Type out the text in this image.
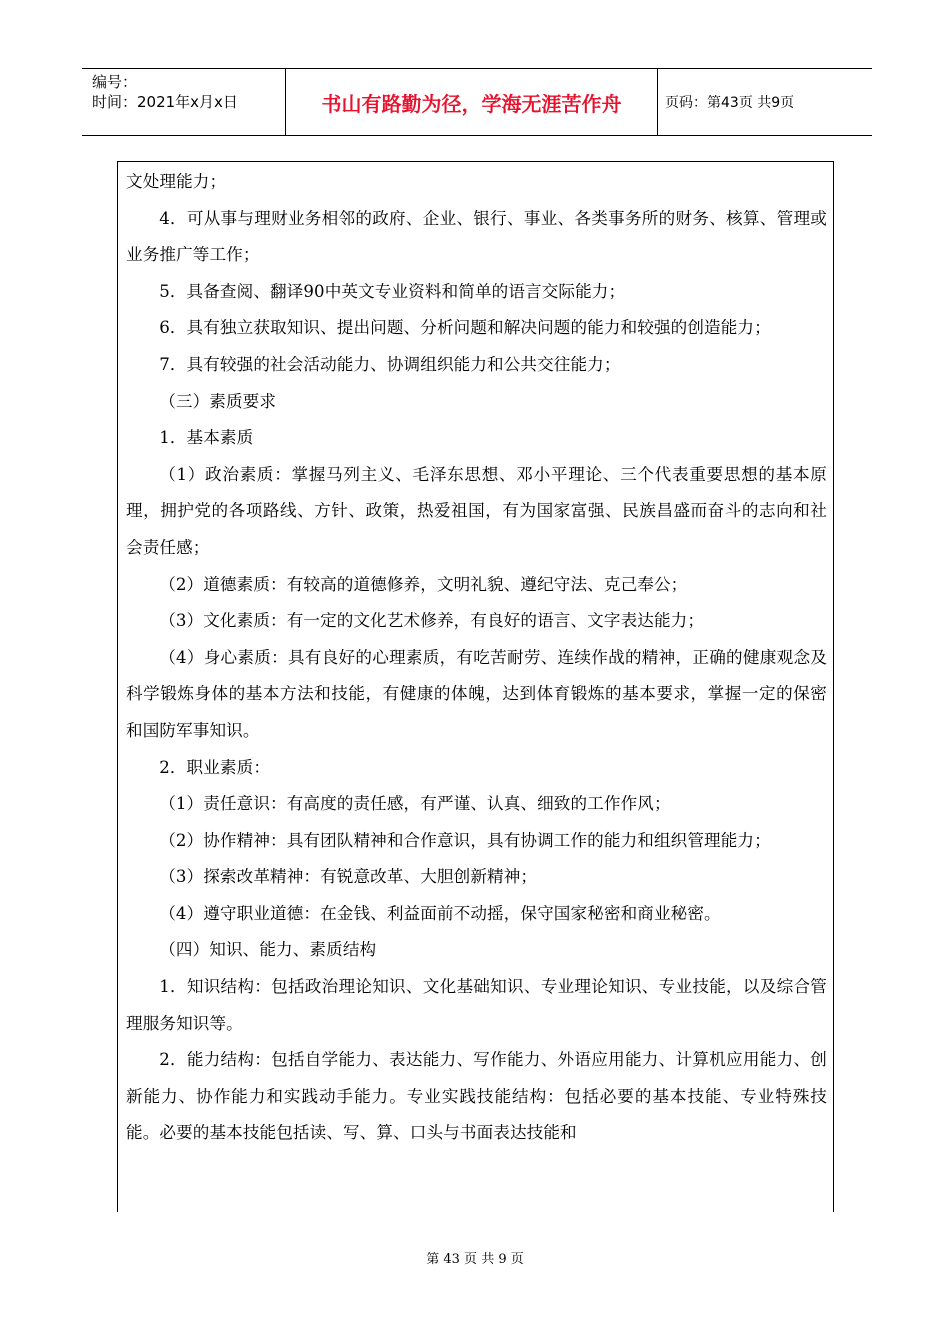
编号：
时间：2021年x月x日	书山有路勤为径，学海无涯苦作舟	页码：第43页 共9页

文处理能力；

4．可从事与理财业务相邻的政府、企业、银行、事业、各类事务所的财务、核算、管理或业务推广等工作；

5．具备查阅、翻译90中英文专业资料和简单的语言交际能力；

6．具有独立获取知识、提出问题、分析问题和解决问题的能力和较强的创造能力；

7．具有较强的社会活动能力、协调组织能力和公共交往能力；

（三）素质要求

1．基本素质

（1）政治素质：掌握马列主义、毛泽东思想、邓小平理论、三个代表重要思想的基本原理，拥护党的各项路线、方针、政策，热爱祖国，有为国家富强、民族昌盛而奋斗的志向和社会责任感；

（2）道德素质：有较高的道德修养，文明礼貌、遵纪守法、克己奉公；

（3）文化素质：有一定的文化艺术修养，有良好的语言、文字表达能力；

（4）身心素质：具有良好的心理素质，有吃苦耐劳、连续作战的精神，正确的健康观念及科学锻炼身体的基本方法和技能，有健康的体魄，达到体育锻炼的基本要求，掌握一定的保密和国防军事知识。

2．职业素质：

（1）责任意识：有高度的责任感，有严谨、认真、细致的工作作风；

（2）协作精神：具有团队精神和合作意识，具有协调工作的能力和组织管理能力；

（3）探索改革精神：有锐意改革、大胆创新精神；

（4）遵守职业道德：在金钱、利益面前不动摇，保守国家秘密和商业秘密。

（四）知识、能力、素质结构

1．知识结构：包括政治理论知识、文化基础知识、专业理论知识、专业技能，以及综合管理服务知识等。

2．能力结构：包括自学能力、表达能力、写作能力、外语应用能力、计算机应用能力、创新能力、协作能力和实践动手能力。专业实践技能结构：包括必要的基本技能、专业特殊技能。必要的基本技能包括读、写、算、口头与书面表达技能和

第 43 页 共 9 页
